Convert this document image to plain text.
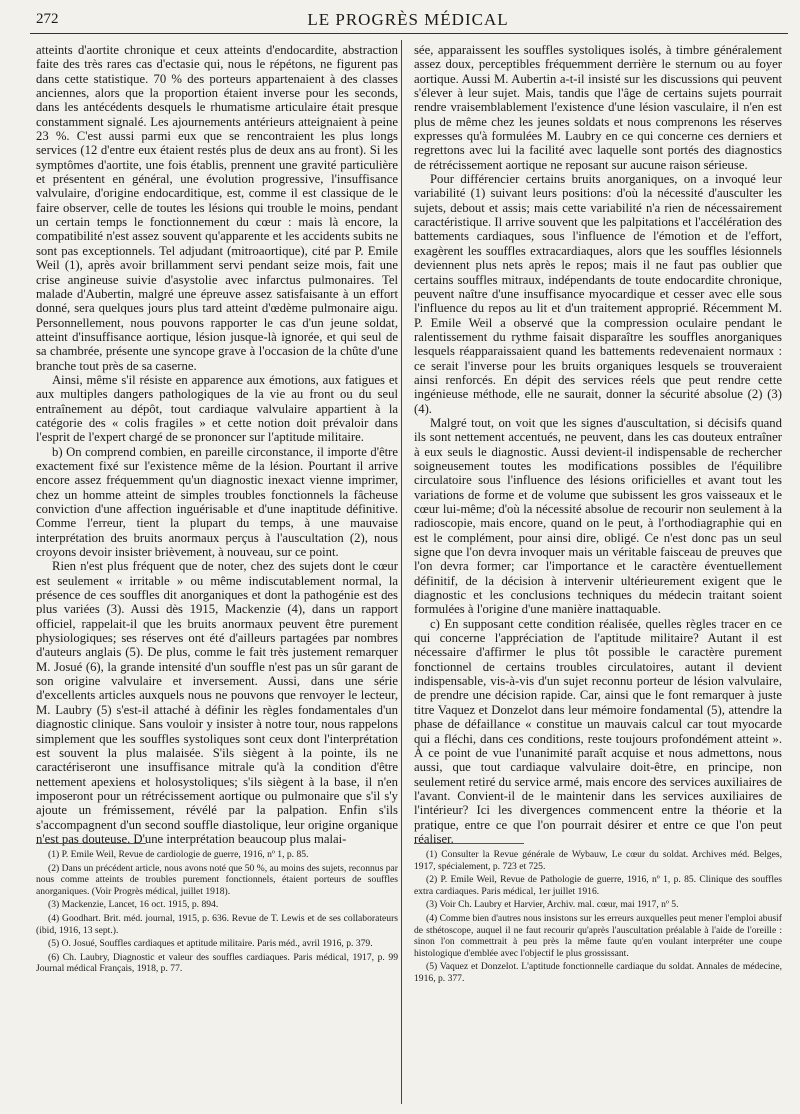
272	LE PROGRÈS MÉDICAL

atteints d'aortite chronique et ceux atteints d'endocardite, abstraction faite des très rares cas d'ectasie qui, nous le répétons, ne figurent pas dans cette statistique. 70 % des porteurs appartenaient à des classes anciennes, alors que la proportion étaient inverse pour les seconds, dans les antécédents desquels le rhumatisme articulaire était presque constamment signalé. Les ajournements antérieurs atteignaient à peine 23 %. C'est aussi parmi eux que se rencontraient les plus longs services (12 d'entre eux étaient restés plus de deux ans au front). Si les symptômes d'aortite, une fois établis, prennent une gravité particulière et présentent en général, une évolution progressive, l'insuffisance valvulaire, d'origine endocarditique, est, comme il est classique de le faire observer, celle de toutes les lésions qui trouble le moins, pendant un certain temps le fonctionnement du cœur : mais là encore, la compatibilité n'est assez souvent qu'apparente et les accidents subits ne sont pas exceptionnels. Tel adjudant (mitroaortique), cité par P. Emile Weil (1), après avoir brillamment servi pendant seize mois, fait une crise angineuse suivie d'asystolie avec infarctus pulmonaires. Tel malade d'Aubertin, malgré une épreuve assez satisfaisante à un effort donné, sera quelques jours plus tard atteint d'œdème pulmonaire aigu. Personnellement, nous pouvons rapporter le cas d'un jeune soldat, atteint d'insuffisance aortique, lésion jusque-là ignorée, et qui seul de sa chambrée, présente une syncope grave à l'occasion de la chûte d'une branche tout près de sa caserne.

Ainsi, même s'il résiste en apparence aux émotions, aux fatigues et aux multiples dangers pathologiques de la vie au front ou du seul entraînement au dépôt, tout cardiaque valvulaire appartient à la catégorie des « colis fragiles » et cette notion doit prévaloir dans l'esprit de l'expert chargé de se prononcer sur l'aptitude militaire.

b) On comprend combien, en pareille circonstance, il importe d'être exactement fixé sur l'existence même de la lésion. Pourtant il arrive encore assez fréquemment qu'un diagnostic inexact vienne imprimer, chez un homme atteint de simples troubles fonctionnels la fâcheuse conviction d'une affection inguérisable et d'une inaptitude définitive. Comme l'erreur, tient la plupart du temps, à une mauvaise interprétation des bruits anormaux perçus à l'auscultation (2), nous croyons devoir insister brièvement, à nouveau, sur ce point.

Rien n'est plus fréquent que de noter, chez des sujets dont le cœur est seulement « irritable » ou même indiscutablement normal, la présence de ces souffles dit anorganiques et dont la pathogénie est des plus variées (3). Aussi dès 1915, Mackenzie (4), dans un rapport officiel, rappelait-il que les bruits anormaux peuvent être purement physiologiques; ses réserves ont été d'ailleurs partagées par nombres d'auteurs anglais (5). De plus, comme le fait très justement remarquer M. Josué (6), la grande intensité d'un souffle n'est pas un sûr garant de son origine valvulaire et inversement. Aussi, dans une série d'excellents articles auxquels nous ne pouvons que renvoyer le lecteur, M. Laubry (5) s'est-il attaché à définir les règles fondamentales d'un diagnostic clinique. Sans vouloir y insister à notre tour, nous rappelons simplement que les souffles systoliques sont ceux dont l'interprétation est souvent la plus malaisée. S'ils siègent à la pointe, ils ne caractériseront une insuffisance mitrale qu'à la condition d'être nettement apexiens et holosystoliques; s'ils siègent à la base, il n'en imposeront pour un rétrécissement aortique ou pulmonaire que s'il s'y ajoute un frémissement, révélé par la palpation. Enfin s'ils s'accompagnent d'un second souffle diastolique, leur origine organique n'est pas douteuse. D'une interprétation beaucoup plus malai-

sée, apparaissent les souffles systoliques isolés, à timbre généralement assez doux, perceptibles fréquemment derrière le sternum ou au foyer aortique. Aussi M. Aubertin a-t-il insisté sur les discussions qui peuvent s'élever à leur sujet. Mais, tandis que l'âge de certains sujets pourrait rendre vraisemblablement l'existence d'une lésion vasculaire, il n'en est plus de même chez les jeunes soldats et nous comprenons les réserves expresses qu'à formulées M. Laubry en ce qui concerne ces derniers et regrettons avec lui la facilité avec laquelle sont portés des diagnostics de rétrécissement aortique ne reposant sur aucune raison sérieuse.

Pour différencier certains bruits anorganiques, on a invoqué leur variabilité (1) suivant leurs positions: d'où la nécessité d'ausculter les sujets, debout et assis; mais cette variabilité n'a rien de nécessairement caractéristique. Il arrive souvent que les palpitations et l'accélération des battements cardiaques, sous l'influence de l'émotion et de l'effort, exagèrent les souffles extracardiaques, alors que les souffles lésionnels deviennent plus nets après le repos; mais il ne faut pas oublier que certains souffles mitraux, indépendants de toute endocardite chronique, peuvent naître d'une insuffisance myocardique et cesser avec elle sous l'influence du repos au lit et d'un traitement approprié. Récemment M. P. Emile Weil a observé que la compression oculaire pendant le ralentissement du rythme faisait disparaître les souffles anorganiques lesquels réapparaissaient quand les battements redevenaient normaux : ce serait l'inverse pour les bruits organiques lesquels se trouveraient ainsi renforcés. En dépit des services réels que peut rendre cette ingénieuse méthode, elle ne saurait, donner la sécurité absolue (2) (3) (4).

Malgré tout, on voit que les signes d'auscultation, si décisifs quand ils sont nettement accentués, ne peuvent, dans les cas douteux entraîner à eux seuls le diagnostic. Aussi devient-il indispensable de rechercher soigneusement toutes les modifications possibles de l'équilibre circulatoire sous l'influence des lésions orificielles et avant tout les variations de forme et de volume que subissent les gros vaisseaux et le cœur lui-même; d'où la nécessité absolue de recourir non seulement à la radioscopie, mais encore, quand on le peut, à l'orthodiagraphie qui en est le complément, pour ainsi dire, obligé. Ce n'est donc pas un seul signe que l'on devra invoquer mais un véritable faisceau de preuves que l'on devra former; car l'importance et le caractère éventuellement définitif, de la décision à intervenir ultérieurement exigent que le diagnostic et les conclusions techniques du médecin traitant soient formulées à l'origine d'une manière inattaquable.

c) En supposant cette condition réalisée, quelles règles tracer en ce qui concerne l'appréciation de l'aptitude militaire? Autant il est nécessaire d'affirmer le plus tôt possible le caractère purement fonctionnel de certains troubles circulatoires, autant il devient indispensable, vis-à-vis d'un sujet reconnu porteur de lésion valvulaire, de prendre une décision rapide. Car, ainsi que le font remarquer à juste titre Vaquez et Donzelot dans leur mémoire fondamental (5), attendre la phase de défaillance « constitue un mauvais calcul car tout myocarde qui a fléchi, dans ces conditions, reste toujours profondément atteint ». À ce point de vue l'unanimité paraît acquise et nous admettons, nous aussi, que tout cardiaque valvulaire doit-être, en principe, non seulement retiré du service armé, mais encore des services auxiliaires de l'avant. Convient-il de le maintenir dans les services auxiliaires de l'intérieur? Ici les divergences commencent entre la théorie et la pratique, entre ce que l'on pourrait désirer et entre ce que l'on peut réaliser.

(1) P. Emile Weil, Revue de cardiologie de guerre, 1916, nº 1, p. 85.

(2) Dans un précédent article, nous avons noté que 50 %, au moins des sujets, reconnus par nous comme atteints de troubles purement fonctionnels, étaient porteurs de souffles anorganiques. (Voir Progrès médical, juillet 1918).

(3) Mackenzie, Lancet, 16 oct. 1915, p. 894.

(4) Goodhart. Brit. méd. journal, 1915, p. 636. Revue de T. Lewis et de ses collaborateurs (ibid, 1916, 13 sept.).

(5) O. Josué, Souffles cardiaques et aptitude militaire. Paris méd., avril 1916, p. 379.

(6) Ch. Laubry, Diagnostic et valeur des souffles cardiaques. Paris médical, 1917, p. 99 Journal médical Français, 1918, p. 77.

(1) Consulter la Revue générale de Wybauw, Le cœur du soldat. Archives méd. Belges, 1917, spécialement, p. 723 et 725.

(2) P. Emile Weil, Revue de Pathologie de guerre, 1916, nº 1, p. 85. Clinique des souffles extra cardiaques. Paris médical, 1er juillet 1916.

(3) Voir Ch. Laubry et Harvier, Archiv. mal. cœur, mai 1917, nº 5.

(4) Comme bien d'autres nous insistons sur les erreurs auxquelles peut mener l'emploi abusif de sthétoscope, auquel il ne faut recourir qu'après l'auscultation préalable à l'aide de l'oreille : sinon l'on commettrait à peu près la même faute qu'en voulant interpréter une coupe histologique d'emblée avec l'objectif le plus grossissant.

(5) Vaquez et Donzelot. L'aptitude fonctionnelle cardiaque du soldat. Annales de médecine, 1916, p. 377.
